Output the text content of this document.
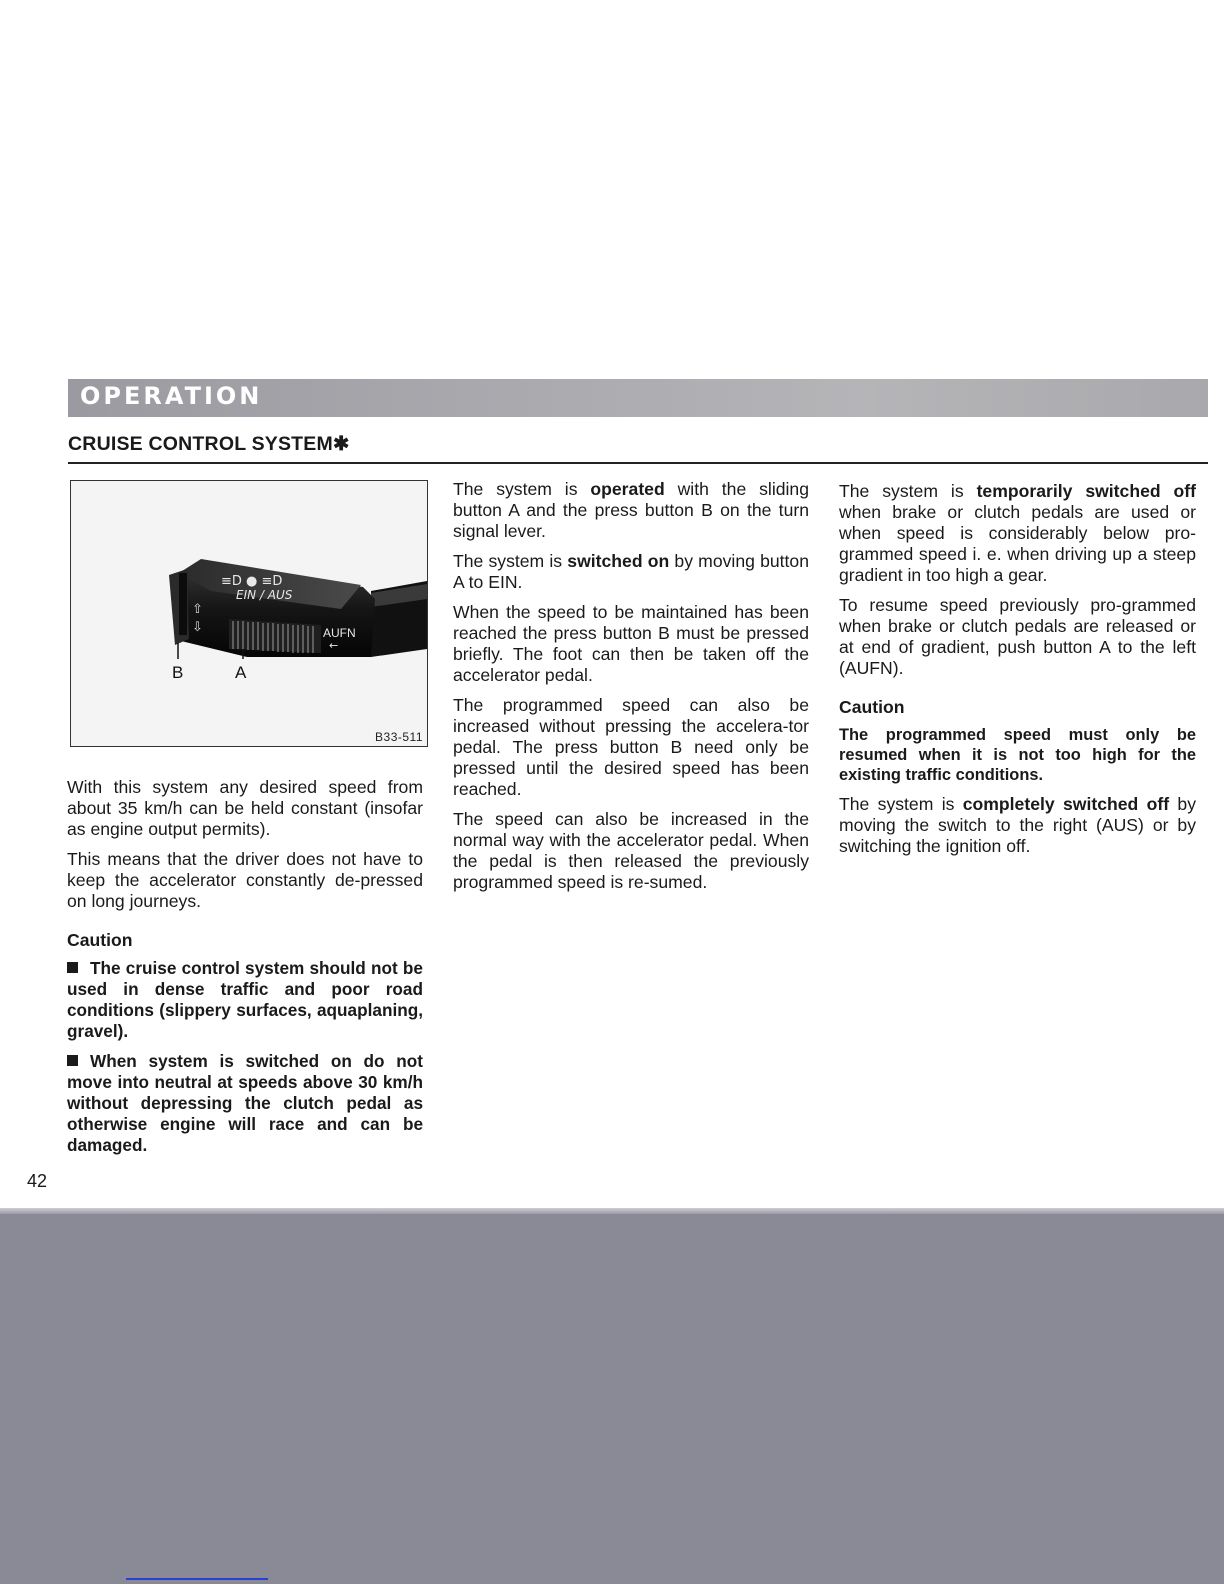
OPERATION
CRUISE CONTROL SYSTEM✱
⇧
⇩
≡D ● ≡D
EIN / AUS
AUFN
←
B	A
B33-511

With this system any desired speed from about 35 km/h can be held constant (insofar as engine output permits).

This means that the driver does not have to keep the accelerator constantly de-pressed on long journeys.

Caution

The cruise control system should not be used in dense traffic and poor road conditions (slippery surfaces, aquaplaning, gravel).

When system is switched on do not move into neutral at speeds above 30 km/h without depressing the clutch pedal as otherwise engine will race and can be damaged.

The system is operated with the sliding button A and the press button B on the turn signal lever.

The system is switched on by moving button A to EIN.

When the speed to be maintained has been reached the press button B must be pressed briefly. The foot can then be taken off the accelerator pedal.

The programmed speed can also be increased without pressing the accelera-tor pedal. The press button B need only be pressed until the desired speed has been reached.

The speed can also be increased in the normal way with the accelerator pedal. When the pedal is then released the previously programmed speed is re-sumed.

The system is temporarily switched off when brake or clutch pedals are used or when speed is considerably below pro-grammed speed i. e. when driving up a steep gradient in too high a gear.

To resume speed previously pro-grammed when brake or clutch pedals are released or at end of gradient, push button A to the left (AUFN).

Caution

The programmed speed must only be resumed when it is not too high for the existing traffic conditions.

The system is completely switched off by moving the switch to the right (AUS) or by switching the ignition off.

42
